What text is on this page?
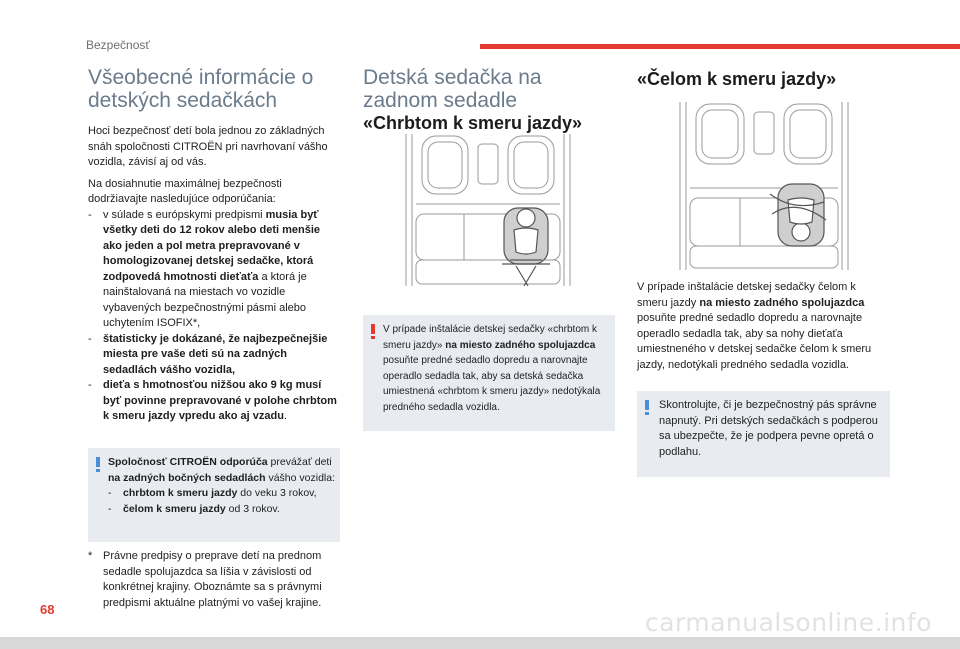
Bezpečnosť
68	carmanualsonline.info
Všeobecné informácie o
detských sedačkách

Hoci bezpečnosť detí bola jednou zo základných snáh spoločnosti CITROËN pri navrhovaní vášho vozidla, závisí aj od vás.

Na dosiahnutie maximálnej bezpečnosti dodržiavajte nasledujúce odporúčania:

- v súlade s európskymi predpismi musia byť všetky deti do 12 rokov alebo deti menšie ako jeden a pol metra prepravované v homologizovanej detskej sedačke, ktorá zodpovedá hmotnosti dieťaťa a ktorá je nainštalovaná na miestach vo vozidle vybavených bezpečnostnými pásmi alebo uchytením ISOFIX*,
- štatisticky je dokázané, že najbezpečnejšie miesta pre vaše deti sú na zadných sedadlách vášho vozidla,
- dieťa s hmotnosťou nižšou ako 9 kg musí byť povinne prepravované v polohe chrbtom k smeru jazdy vpredu ako aj vzadu.
Spoločnosť CITROËN odporúča prevážať deti na zadných bočných sedadlách vášho vozidla:
- chrbtom k smeru jazdy do veku 3 rokov,
- čelom k smeru jazdy od 3 rokov.
* Právne predpisy o preprave detí na prednom sedadle spolujazdca sa líšia v závislosti od konkrétnej krajiny. Oboznámte sa s právnymi predpismi aktuálne platnými vo vašej krajine.
Detská sedačka na
zadnom sedadle
«Chrbtom k smeru jazdy»
V prípade inštalácie detskej sedačky «chrbtom k smeru jazdy» na miesto zadného spolujazdca posuňte predné sedadlo dopredu a narovnajte operadlo sedadla tak, aby sa detská sedačka umiestnená «chrbtom k smeru jazdy» nedotýkala predného sedadla vozidla.
«Čelom k smeru jazdy»

V prípade inštalácie detskej sedačky čelom k smeru jazdy na miesto zadného spolujazdca posuňte predné sedadlo dopredu a narovnajte operadlo sedadla tak, aby sa nohy dieťaťa umiestneného v detskej sedačke čelom k smeru jazdy, nedotýkali predného sedadla vozidla.

Skontrolujte, či je bezpečnostný pás správne napnutý. Pri detských sedačkách s podperou sa ubezpečte, že je podpera pevne opretá o podlahu.
